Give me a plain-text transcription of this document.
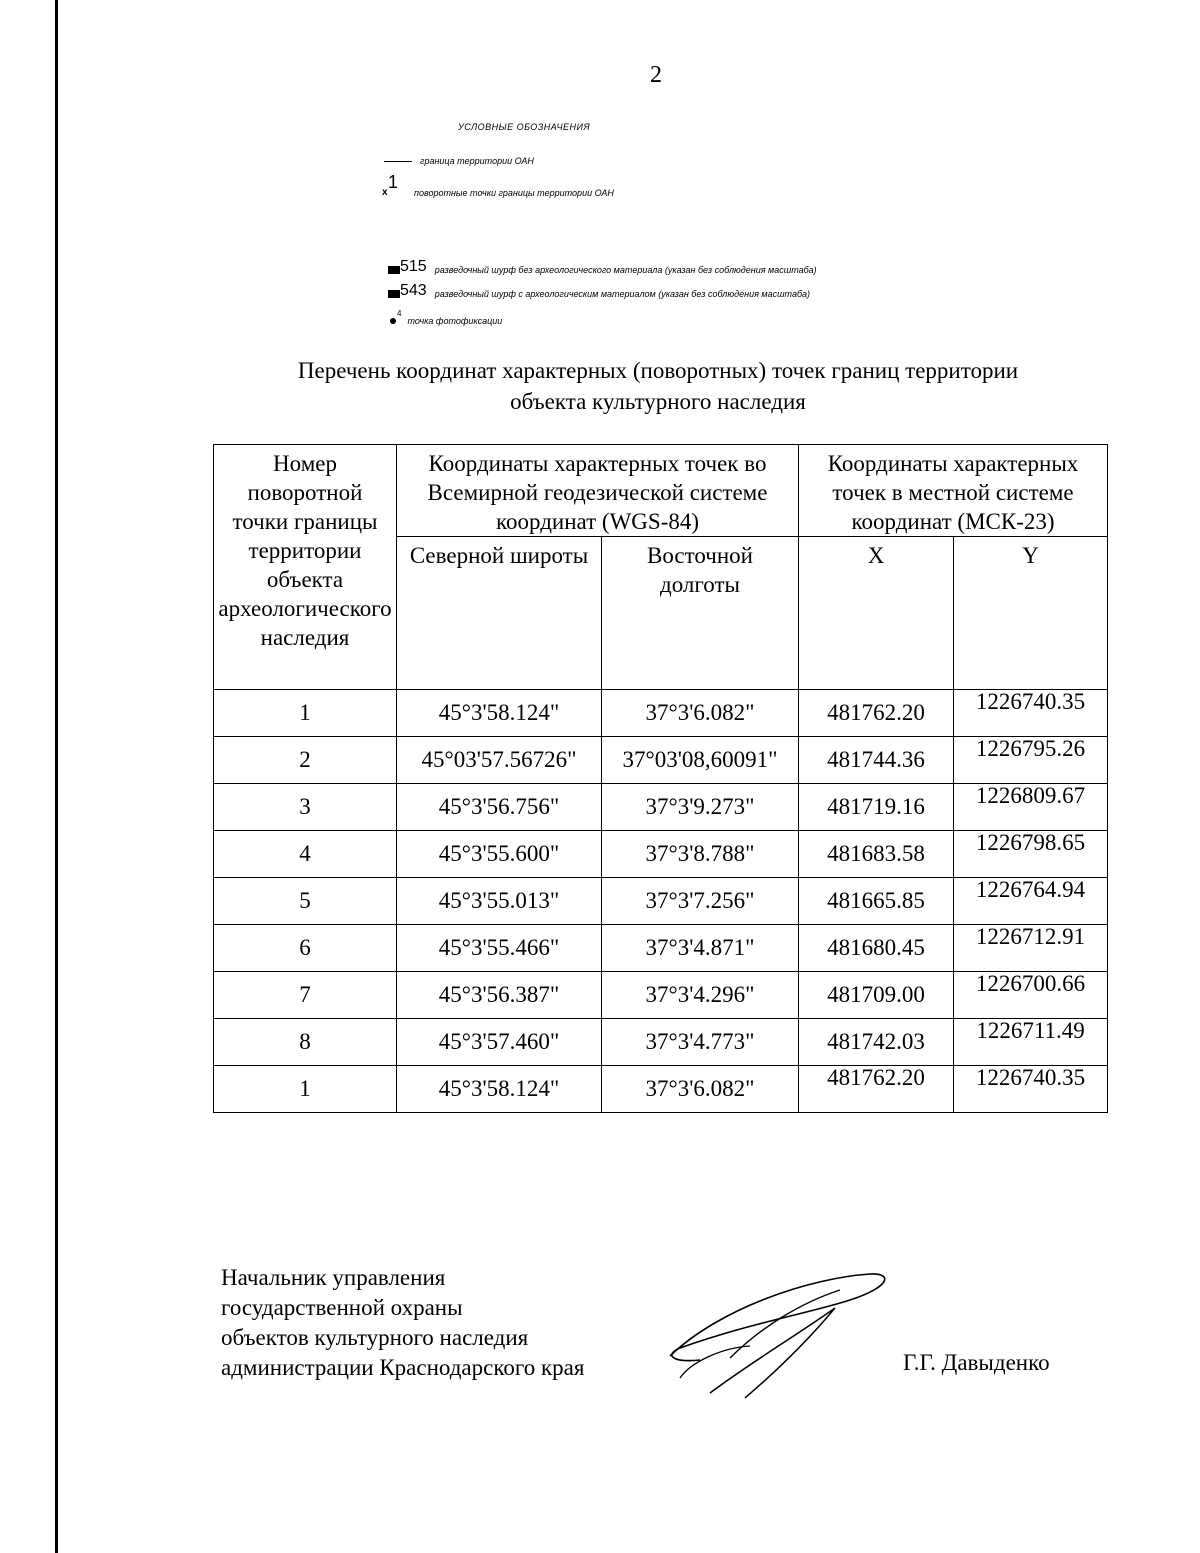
2
УСЛОВНЫЕ ОБОЗНАЧЕНИЯ
граница территории ОАН
x
1
поворотные точки границы территории ОАН
515 разведочный шурф без археологического материала (указан без соблюдения масштаба)
543 разведочный шурф с археологическим материалом (указан без соблюдения масштаба)
4
точка фотофиксации
Перечень координат характерных (поворотных) точек границ территории
объекта культурного наследия
Номер поворотной точки границы территории объекта археологического наследия	Координаты характерных точек во Всемирной геодезической системе координат (WGS-84)		Координаты характерных точек в местной системе координат (МСК-23)	
	Северной широты	Восточной долготы	X	Y
1	45°3'58.124"	37°3'6.082"	481762.20	1226740.35
2	45°03'57.56726"	37°03'08,60091"	481744.36	1226795.26
3	45°3'56.756"	37°3'9.273"	481719.16	1226809.67
4	45°3'55.600"	37°3'8.788"	481683.58	1226798.65
5	45°3'55.013"	37°3'7.256"	481665.85	1226764.94
6	45°3'55.466"	37°3'4.871"	481680.45	1226712.91
7	45°3'56.387"	37°3'4.296"	481709.00	1226700.66
8	45°3'57.460"	37°3'4.773"	481742.03	1226711.49
1	45°3'58.124"	37°3'6.082"	481762.20	1226740.35
Начальник управления
государственной охраны
объектов культурного наследия
администрации Краснодарского края	Г.Г. Давыденко
